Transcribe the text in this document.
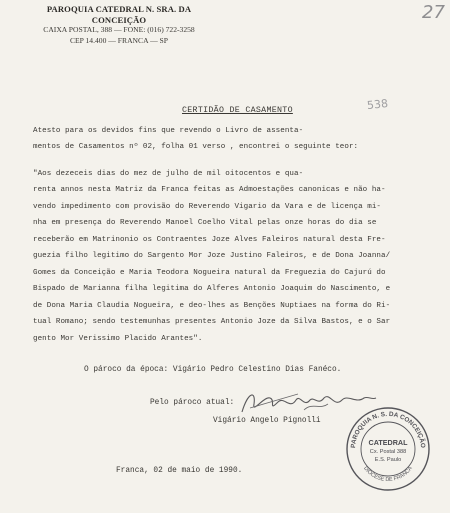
PAROQUIA CATEDRAL N. SRA. DA CONCEIÇÃO
CAIXA POSTAL, 388 — FONE: (016) 722-3258
CEP 14.400 — FRANCA — SP
27
538
CERTIDÃO DE CASAMENTO
Atesto para os devidos fins que revendo o Livro de assenta-
mentos de Casamentos nº 02, folha 01 verso , encontrei o seguinte teor:
"Aos dezeceis dias do mez de julho de mil oitocentos e qua-
renta annos nesta Matriz da Franca feitas as Admoestações canonicas e não ha-
vendo impedimento com provisão do Reverendo Vigario da Vara e de licença mi-
nha em presença do Reverendo Manoel Coelho Vital pelas onze horas do dia se
receberão em Matrinonio os Contraentes Joze Alves Faleiros natural desta Fre-
guezia filho legitimo do Sargento Mor Joze Justino Faleiros, e de Dona Joanna/
Gomes da Conceição e Maria Teodora Nogueira natural da Freguezia do Cajurú do
Bispado de Marianna filha legitima do Alferes Antonio Joaquim do Nascimento, e
de Dona Maria Claudia Nogueira, e deo-lhes as Benções Nuptiaes na forma do Ri-
tual Romano; sendo testemunhas presentes Antonio Joze da Silva Bastos, e o Sar
gento Mor Verissimo Placido Arantes".
O pároco da época: Vigário Pedro Celestino Dias Fanéco.
Pelo pároco atual:
Vigário Angelo Pignolli
Franca, 02 de maio de 1990.
PAROQUIA N. S. DA CONCEIÇÃO
DIOCESE DE FRANCA
CATEDRAL
Cx. Postal 388
E.S. Paulo
